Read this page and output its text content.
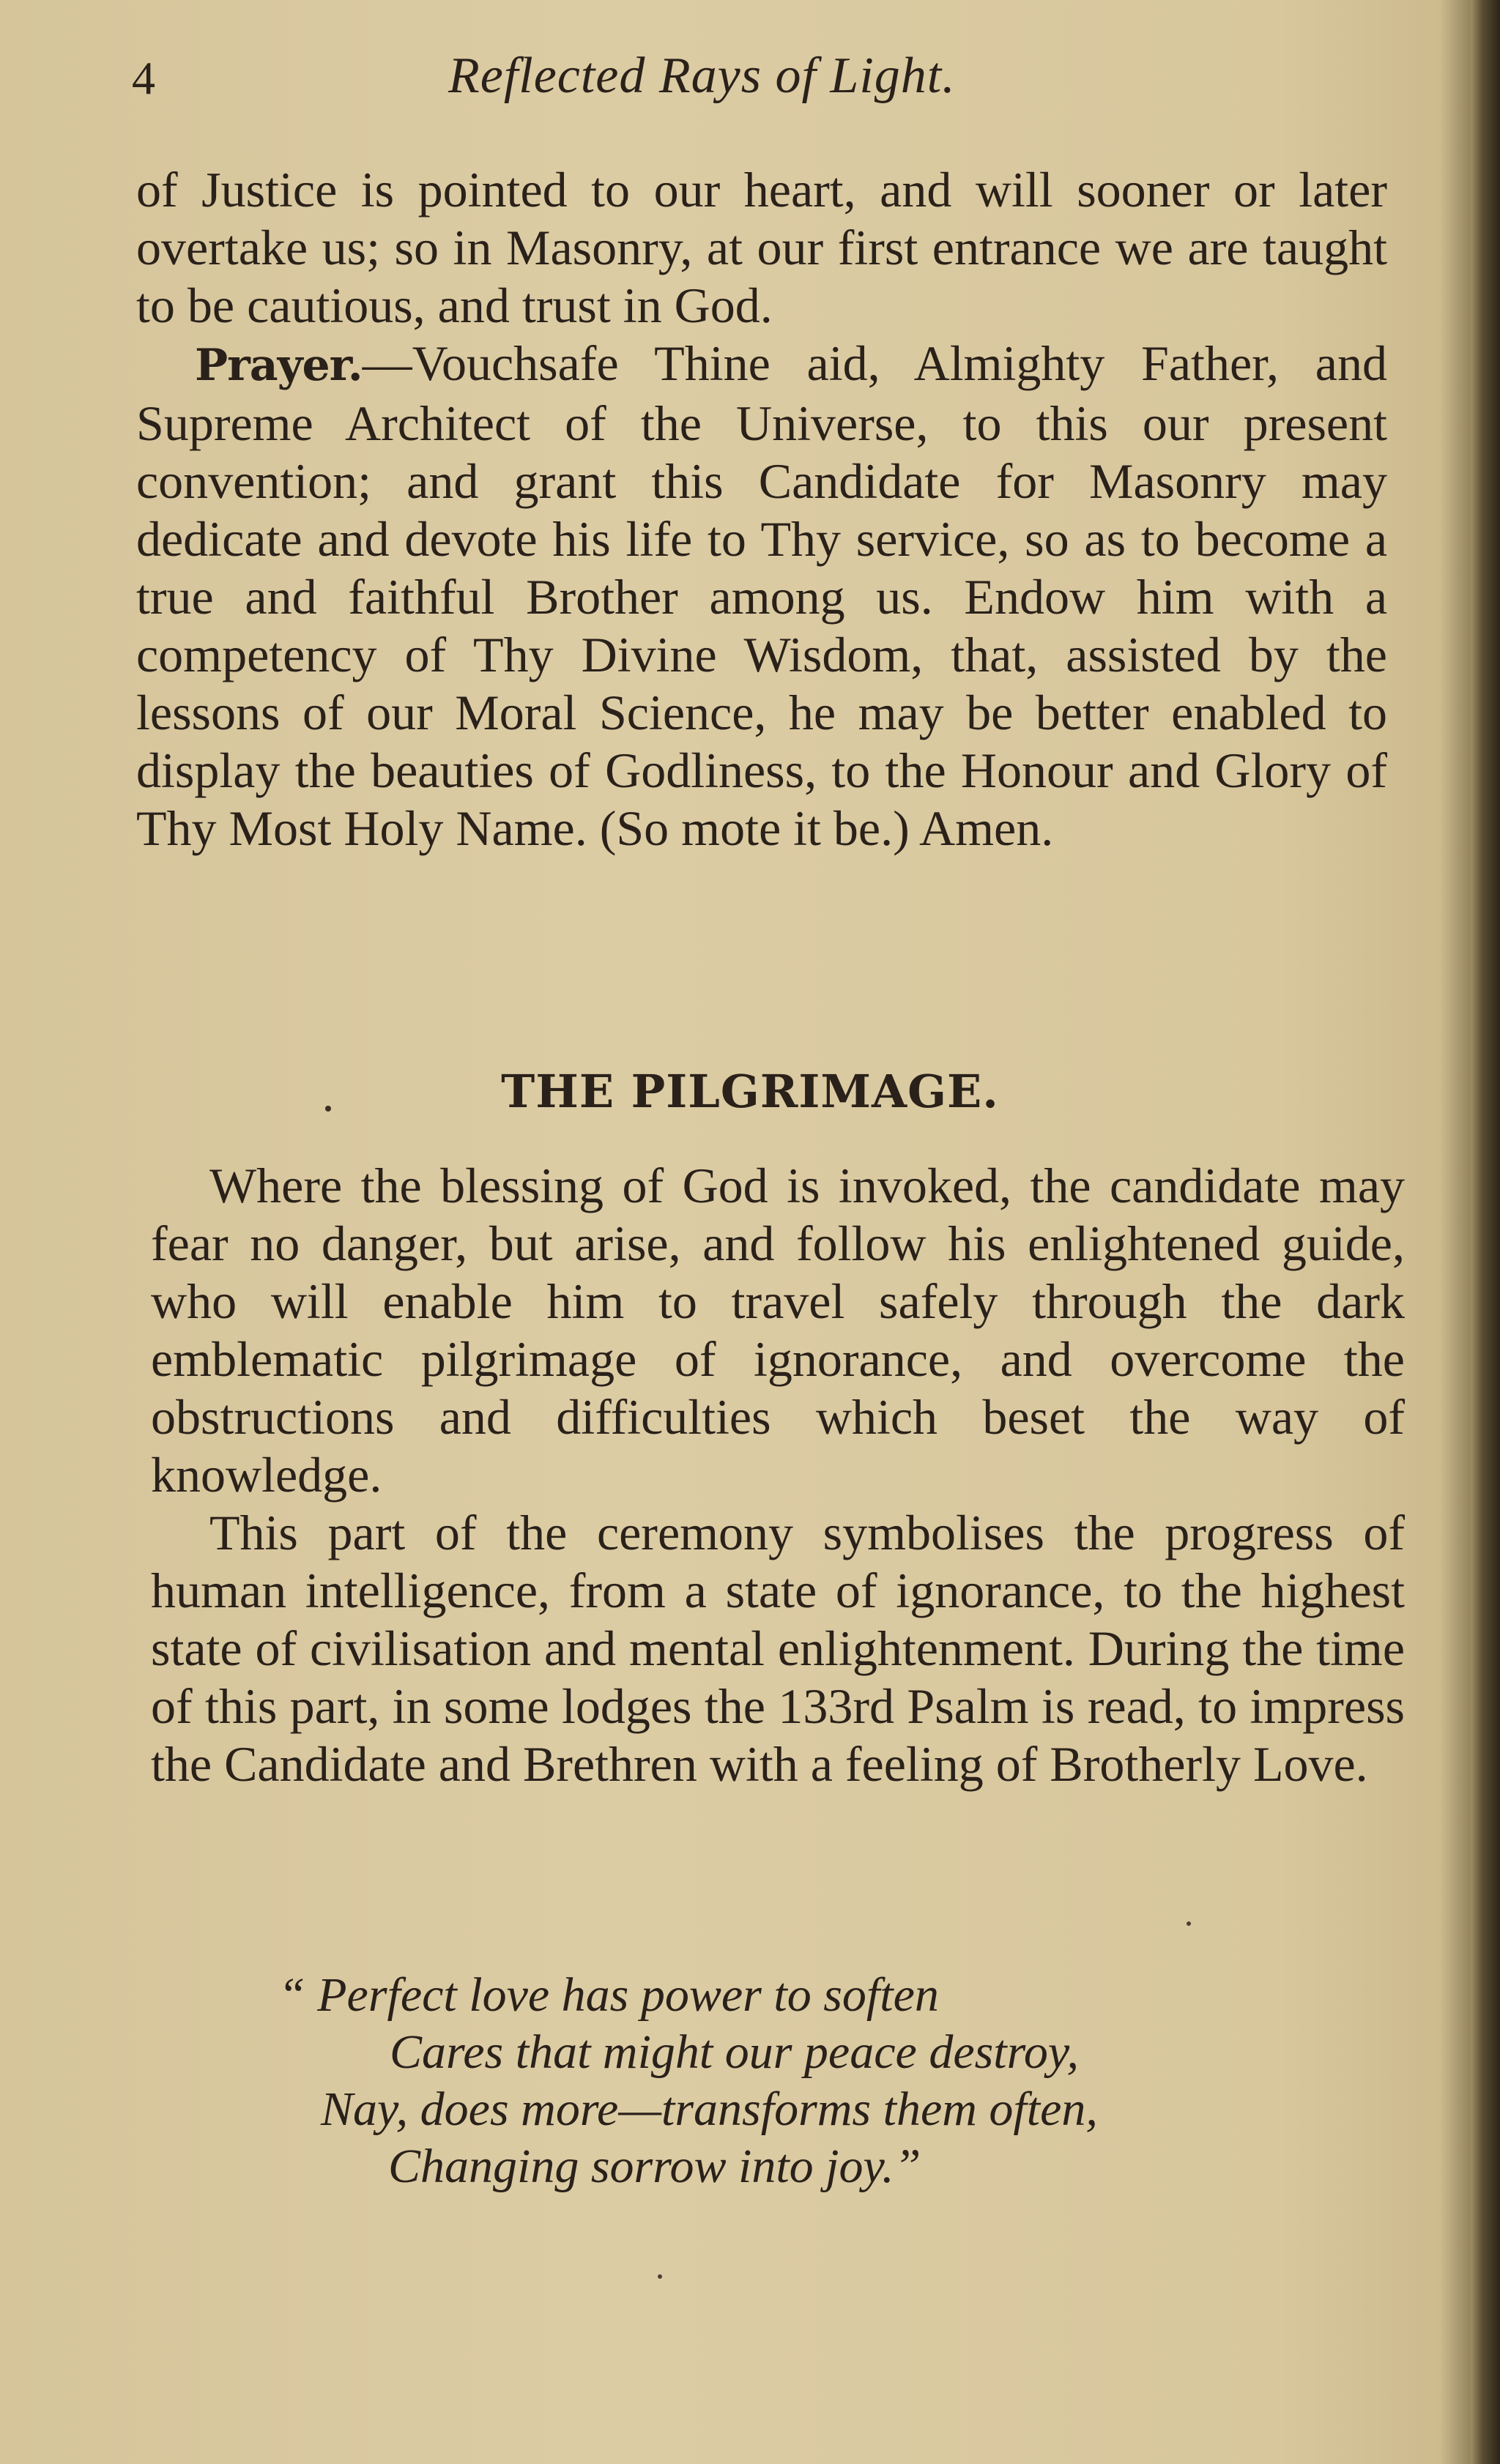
4	Reflected Rays of Light.

of Justice is pointed to our heart, and will sooner or later overtake us; so in Masonry, at our first entrance we are taught to be cautious, and trust in God.

Prayer.—Vouchsafe Thine aid, Almighty Father, and Supreme Architect of the Universe, to this our present convention; and grant this Candidate for Masonry may dedicate and devote his life to Thy service, so as to become a true and faithful Brother among us. Endow him with a competency of Thy Divine Wisdom, that, assisted by the lessons of our Moral Science, he may be better enabled to display the beauties of Godliness, to the Honour and Glory of Thy Most Holy Name. (So mote it be.) Amen.

THE PILGRIMAGE.

Where the blessing of God is invoked, the candidate may fear no danger, but arise, and follow his enlightened guide, who will enable him to travel safely through the dark emblematic pilgrimage of ignorance, and overcome the obstructions and difficulties which beset the way of knowledge.

This part of the ceremony symbolises the progress of human intelligence, from a state of ignorance, to the highest state of civilisation and mental enlightenment. During the time of this part, in some lodges the 133rd Psalm is read, to impress the Candidate and Brethren with a feeling of Brotherly Love.

“ Perfect love has power to soften
Cares that might our peace destroy,
Nay, does more—transforms them often,
Changing sorrow into joy.”
